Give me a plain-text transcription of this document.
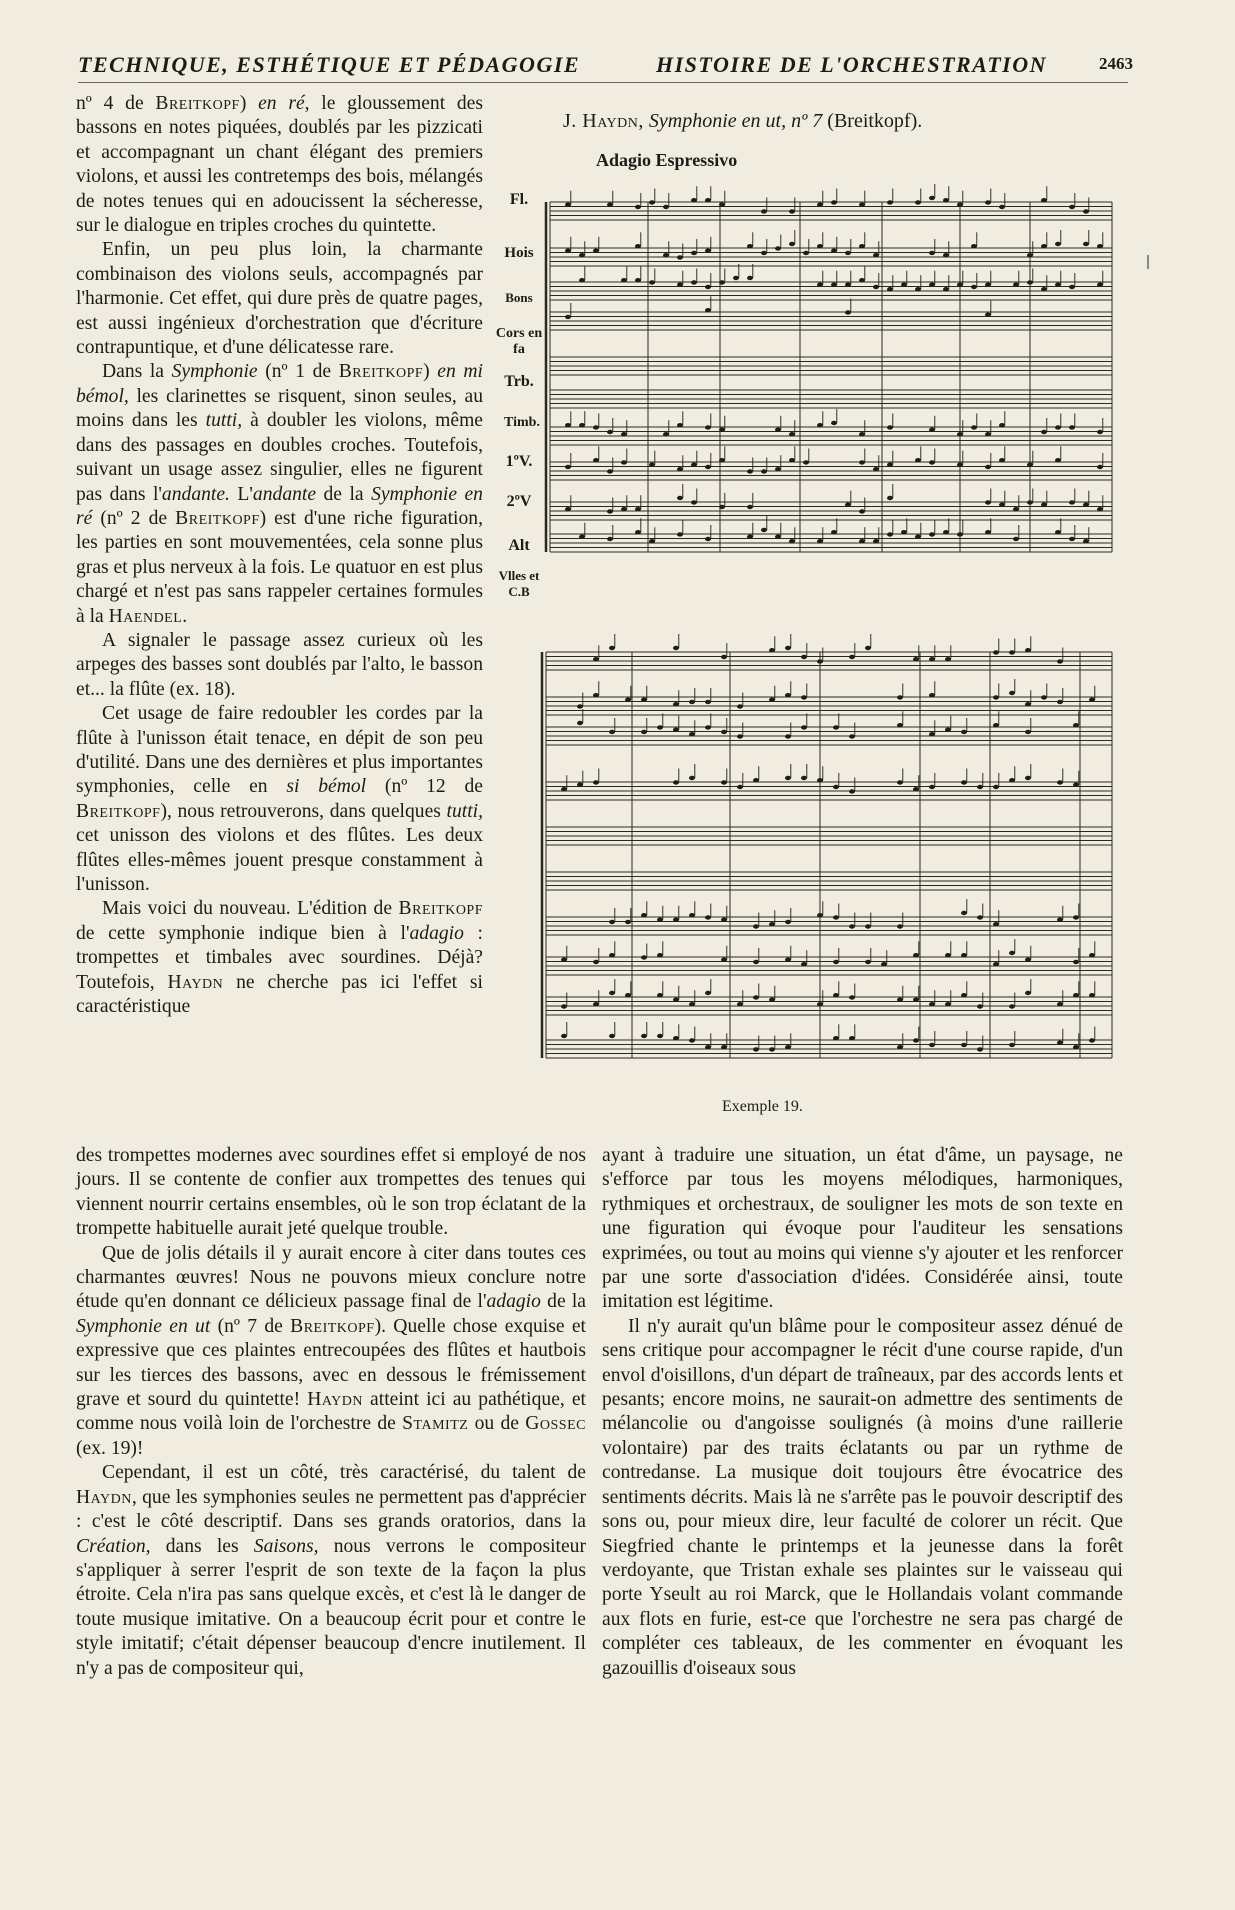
TECHNIQUE, ESTHÉTIQUE ET PÉDAGOGIE	HISTOIRE DE L'ORCHESTRATION	2463

nº 4 de Breitkopf) en ré, le gloussement des bassons en notes piquées, doublés par les pizzicati et accompagnant un chant élégant des premiers violons, et aussi les contretemps des bois, mélangés de notes tenues qui en adoucissent la sécheresse, sur le dialogue en triples croches du quintette.

Enfin, un peu plus loin, la charmante combinaison des violons seuls, accompagnés par l'harmonie. Cet effet, qui dure près de quatre pages, est aussi ingénieux d'orchestration que d'écriture contrapuntique, et d'une délicatesse rare.

Dans la Symphonie (nº 1 de Breitkopf) en mi bémol, les clarinettes se risquent, sinon seules, au moins dans les tutti, à doubler les violons, même dans des passages en doubles croches. Toutefois, suivant un usage assez singulier, elles ne figurent pas dans l'andante. L'andante de la Symphonie en ré (nº 2 de Breitkopf) est d'une riche figuration, les parties en sont mouvementées, cela sonne plus gras et plus nerveux à la fois. Le quatuor en est plus chargé et n'est pas sans rappeler certaines formules à la Haendel.

A signaler le passage assez curieux où les arpeges des basses sont doublés par l'alto, le basson et... la flûte (ex. 18).

Cet usage de faire redoubler les cordes par la flûte à l'unisson était tenace, en dépit de son peu d'utilité. Dans une des dernières et plus importantes symphonies, celle en si bémol (nº 12 de Breitkopf), nous retrouverons, dans quelques tutti, cet unisson des violons et des flûtes. Les deux flûtes elles-mêmes jouent presque constamment à l'unisson.

Mais voici du nouveau. L'édition de Breitkopf de cette symphonie indique bien à l'adagio : trompettes et timbales avec sourdines. Déjà? Toutefois, Haydn ne cherche pas ici l'effet si caractéristique

J. Haydn, Symphonie en ut, nº 7 (Breitkopf).
Adagio Espressivo
Fl.
Hois
Bons
Cors en fa
Trb.
Timb.
1ºV.
2ºV
Alt
Vlles et C.B
Exemple 19.

des trompettes modernes avec sourdines effet si employé de nos jours. Il se contente de confier aux trompettes des tenues qui viennent nourrir certains ensembles, où le son trop éclatant de la trompette habituelle aurait jeté quelque trouble.

Que de jolis détails il y aurait encore à citer dans toutes ces charmantes œuvres! Nous ne pouvons mieux conclure notre étude qu'en donnant ce délicieux passage final de l'adagio de la Symphonie en ut (nº 7 de Breitkopf). Quelle chose exquise et expressive que ces plaintes entrecoupées des flûtes et hautbois sur les tierces des bassons, avec en dessous le frémissement grave et sourd du quintette! Haydn atteint ici au pathétique, et comme nous voilà loin de l'orchestre de Stamitz ou de Gossec (ex. 19)!

Cependant, il est un côté, très caractérisé, du talent de Haydn, que les symphonies seules ne permettent pas d'apprécier : c'est le côté descriptif. Dans ses grands oratorios, dans la Création, dans les Saisons, nous verrons le compositeur s'appliquer à serrer l'esprit de son texte de la façon la plus étroite. Cela n'ira pas sans quelque excès, et c'est là le danger de toute musique imitative. On a beaucoup écrit pour et contre le style imitatif; c'était dépenser beaucoup d'encre inutilement. Il n'y a pas de compositeur qui,

ayant à traduire une situation, un état d'âme, un paysage, ne s'efforce par tous les moyens mélodiques, harmoniques, rythmiques et orchestraux, de souligner les mots de son texte en une figuration qui évoque pour l'auditeur les sensations exprimées, ou tout au moins qui vienne s'y ajouter et les renforcer par une sorte d'association d'idées. Considérée ainsi, toute imitation est légitime.

Il n'y aurait qu'un blâme pour le compositeur assez dénué de sens critique pour accompagner le récit d'une course rapide, d'un envol d'oisillons, d'un départ de traîneaux, par des accords lents et pesants; encore moins, ne saurait-on admettre des sentiments de mélancolie ou d'angoisse soulignés (à moins d'une raillerie volontaire) par des traits éclatants ou par un rythme de contredanse. La musique doit toujours être évocatrice des sentiments décrits. Mais là ne s'arrête pas le pouvoir descriptif des sons ou, pour mieux dire, leur faculté de colorer un récit. Que Siegfried chante le printemps et la jeunesse dans la forêt verdoyante, que Tristan exhale ses plaintes sur le vaisseau qui porte Yseult au roi Marck, que le Hollandais volant commande aux flots en furie, est-ce que l'orchestre ne sera pas chargé de compléter ces tableaux, de les commenter en évoquant les gazouillis d'oiseaux sous
